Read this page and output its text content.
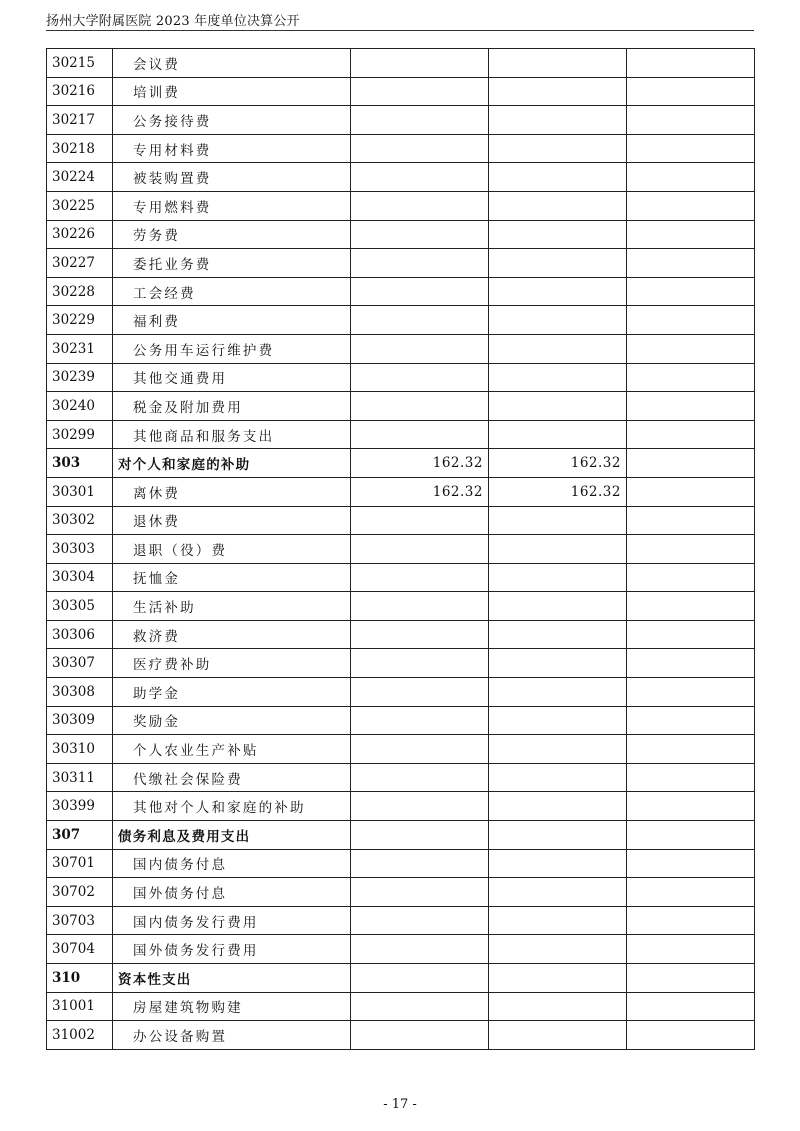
扬州大学附属医院 2023 年度单位决算公开
30215	会议费			
30216	培训费			
30217	公务接待费			
30218	专用材料费			
30224	被装购置费			
30225	专用燃料费			
30226	劳务费			
30227	委托业务费			
30228	工会经费			
30229	福利费			
30231	公务用车运行维护费			
30239	其他交通费用			
30240	税金及附加费用			
30299	其他商品和服务支出			
303	对个人和家庭的补助	162.32	162.32	
30301	离休费	162.32	162.32	
30302	退休费			
30303	退职（役）费			
30304	抚恤金			
30305	生活补助			
30306	救济费			
30307	医疗费补助			
30308	助学金			
30309	奖励金			
30310	个人农业生产补贴			
30311	代缴社会保险费			
30399	其他对个人和家庭的补助			
307	债务利息及费用支出			
30701	国内债务付息			
30702	国外债务付息			
30703	国内债务发行费用			
30704	国外债务发行费用			
310	资本性支出			
31001	房屋建筑物购建			
31002	办公设备购置			
- 17 -
